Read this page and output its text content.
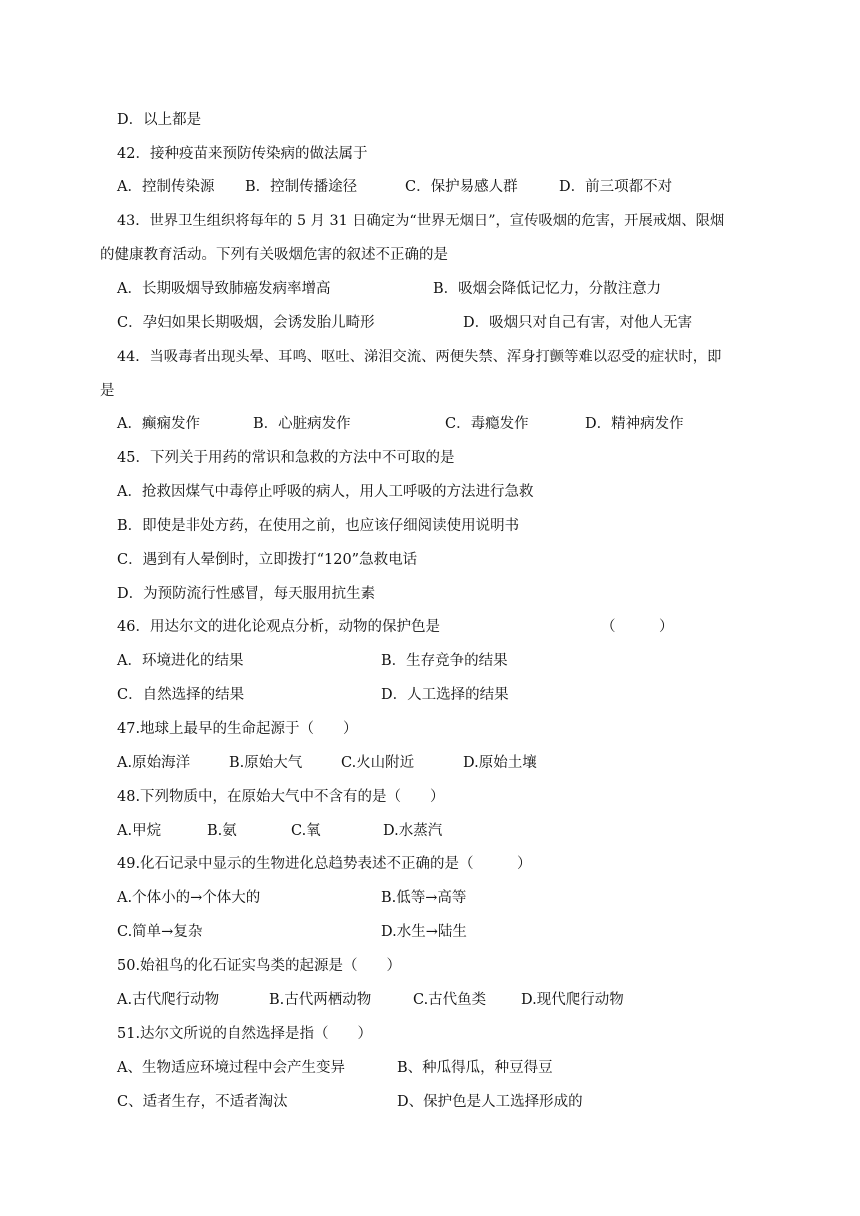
D．以上都是
42．接种疫苗来预防传染病的做法属于
A．控制传染源 B．控制传播途径	C．保护易感人群	D．前三项都不对
43．世界卫生组织将每年的 5 月 31 日确定为“世界无烟日”，宣传吸烟的危害，开展戒烟、限烟
的健康教育活动。下列有关吸烟危害的叙述不正确的是
A．长期吸烟导致肺癌发病率增高	B．吸烟会降低记忆力，分散注意力
C．孕妇如果长期吸烟，会诱发胎儿畸形	D．吸烟只对自己有害，对他人无害
44．当吸毒者出现头晕、耳鸣、呕吐、涕泪交流、两便失禁、浑身打颤等难以忍受的症状时，即
是
A．癫痫发作	B．心脏病发作	C．毒瘾发作	D．精神病发作
45．下列关于用药的常识和急救的方法中不可取的是
A．抢救因煤气中毒停止呼吸的病人，用人工呼吸的方法进行急救
B．即使是非处方药，在使用之前，也应该仔细阅读使用说明书
C．遇到有人晕倒时，立即拨打“120”急救电话
D．为预防流行性感冒，每天服用抗生素
46．用达尔文的进化论观点分析，动物的保护色是	（　　　）
A．环境进化的结果	B．生存竞争的结果
C．自然选择的结果	D．人工选择的结果
47.地球上最早的生命起源于（　　）
A.原始海洋	B.原始大气	C.火山附近	D.原始土壤
48.下列物质中，在原始大气中不含有的是（　　）
A.甲烷	B.氨	C.氧	D.水蒸汽
49.化石记录中显示的生物进化总趋势表述不正确的是（　　　）
A.个体小的→个体大的	B.低等→高等
C.简单→复杂	D.水生→陆生
50.始祖鸟的化石证实鸟类的起源是（　　）
A.古代爬行动物	B.古代两栖动物	C.古代鱼类 D.现代爬行动物
51.达尔文所说的自然选择是指（　　）
A、生物适应环境过程中会产生变异	B、种瓜得瓜，种豆得豆
C、适者生存，不适者淘汰	D、保护色是人工选择形成的
